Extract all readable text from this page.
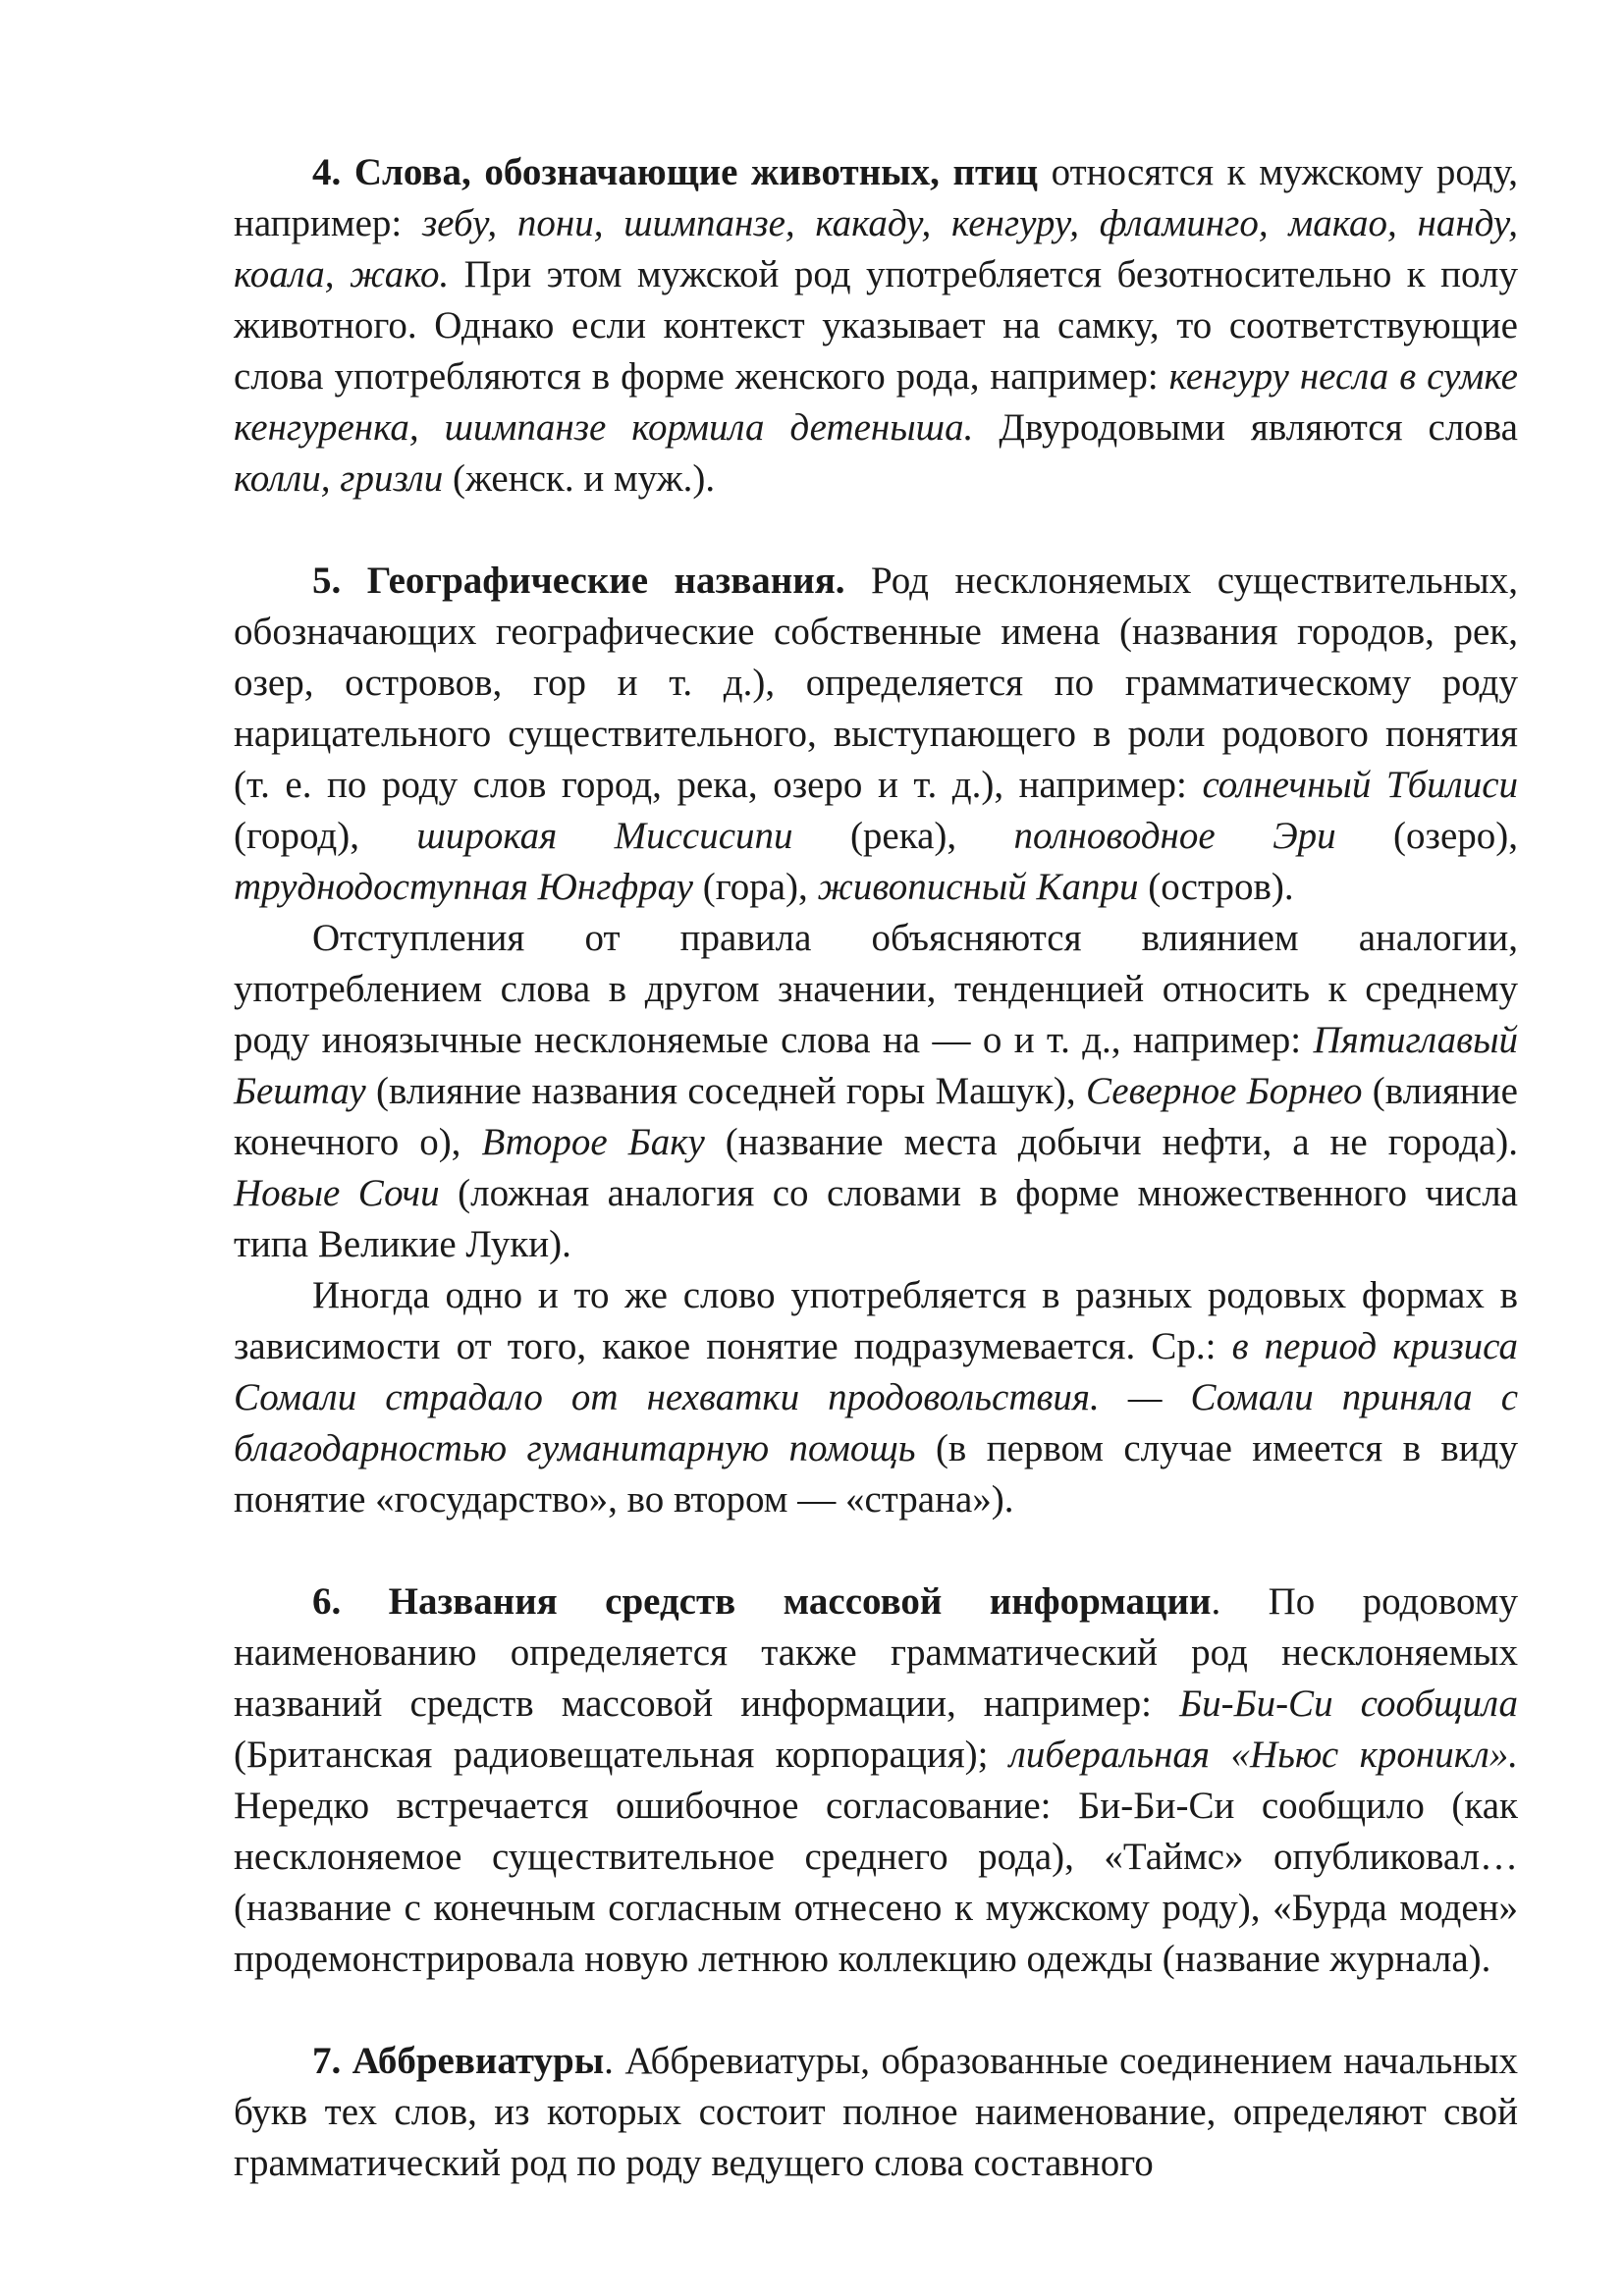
4. Слова, обозначающие животных, птиц относятся к мужскому роду, например: зебу, пони, шимпанзе, какаду, кенгуру, фламинго, макао, нанду, коала, жако. При этом мужской род употребляется безотносительно к полу животного. Однако если контекст указывает на самку, то соответствующие слова употребляются в форме женского рода, например: кенгуру несла в сумке кенгуренка, шимпанзе кормила детеныша. Двуродовыми являются слова колли, гризли (женск. и муж.).

5. Географические названия. Род несклоняемых существительных, обозначающих географические собственные имена (названия городов, рек, озер, островов, гор и т. д.), определяется по грамматическому роду нарицательного существительного, выступающего в роли родового понятия (т. е. по роду слов город, река, озеро и т. д.), например: солнечный Тбилиси (город), широкая Миссисипи (река), полноводное Эри (озеро), труднодоступная Юнгфрау (гора), живописный Капри (остров).

Отступления от правила объясняются влиянием аналогии, употреблением слова в другом значении, тенденцией относить к среднему роду иноязычные несклоняемые слова на — о и т. д., например: Пятиглавый Бештау (влияние названия соседней горы Машук), Северное Борнео (влияние конечного о), Второе Баку (название места добычи нефти, а не города). Новые Сочи (ложная аналогия со словами в форме множественного числа типа Великие Луки).

Иногда одно и то же слово употребляется в разных родовых формах в зависимости от того, какое понятие подразумевается. Ср.: в период кризиса Сомали страдало от нехватки продовольствия. — Сомали приняла с благодарностью гуманитарную помощь (в первом случае имеется в виду понятие «государство», во втором — «страна»).

6. Названия средств массовой информации. По родовому наименованию определяется также грамматический род несклоняемых названий средств массовой информации, например: Би-Би-Си сообщила (Британская радиовещательная корпорация); либеральная «Ньюс кроникл». Нередко встречается ошибочное согласование: Би-Би-Си сообщило (как несклоняемое существительное среднего рода), «Таймс» опубликовал… (название с конечным согласным отнесено к мужскому роду), «Бурда моден» продемонстрировала новую летнюю коллекцию одежды (название журнала).

7. Аббревиатуры. Аббревиатуры, образованные соединением начальных букв тех слов, из которых состоит полное наименование, определяют свой грамматический род по роду ведущего слова составного
